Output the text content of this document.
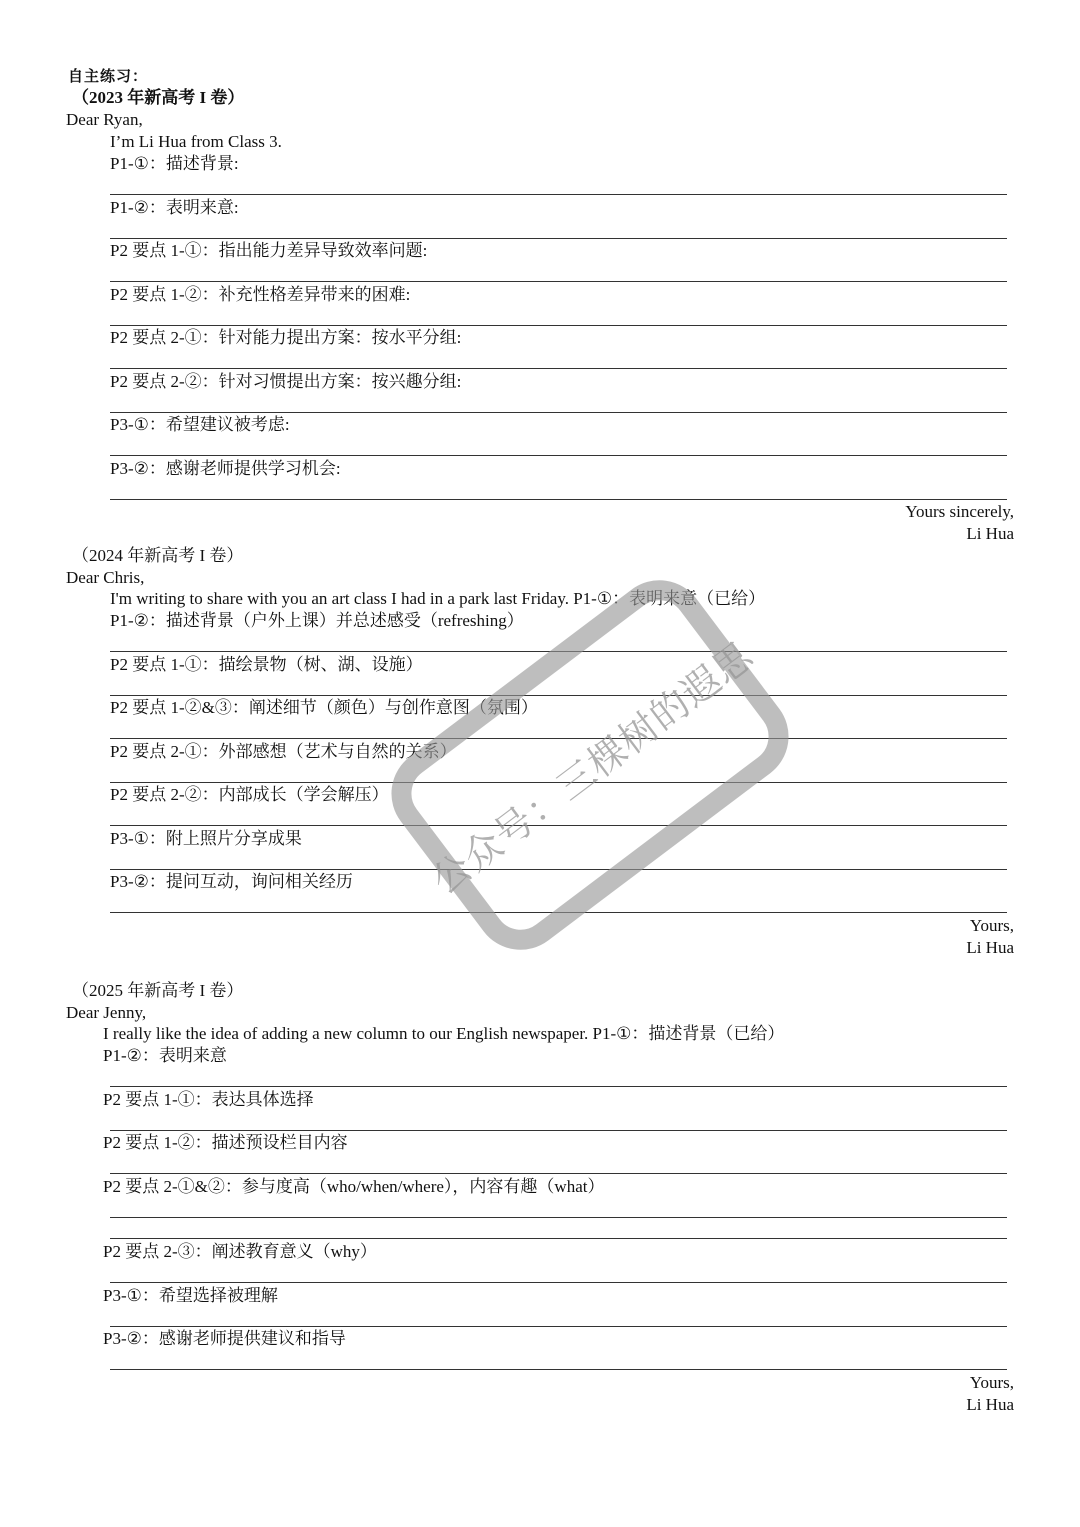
自主练习：
（2023 年新高考 I 卷）
Dear Ryan,
I’m Li Hua from Class 3.
P1-①：描述背景:
P1-②：表明来意:
P2 要点 1-①：指出能力差异导致效率问题:
P2 要点 1-②：补充性格差异带来的困难:
P2 要点 2-①：针对能力提出方案：按水平分组:
P2 要点 2-②：针对习惯提出方案：按兴趣分组:
P3-①：希望建议被考虑:
P3-②：感谢老师提供学习机会:
Yours sincerely,
Li Hua
（2024 年新高考 I 卷）
Dear Chris,
I'm writing to share with you an art class I had in a park last Friday. P1-①：表明来意（已给）
P1-②：描述背景（户外上课）并总述感受（refreshing）
P2 要点 1-①：描绘景物（树、湖、设施）
P2 要点 1-②&③：阐述细节（颜色）与创作意图（氛围）
P2 要点 2-①：外部感想（艺术与自然的关系）
P2 要点 2-②：内部成长（学会解压）
P3-①：附上照片分享成果
P3-②：提问互动，询问相关经历
Yours,
Li Hua
（2025 年新高考 I 卷）
Dear Jenny,
I really like the idea of adding a new column to our English newspaper. P1-①：描述背景（已给）
P1-②：表明来意
P2 要点 1-①：表达具体选择
P2 要点 1-②：描述预设栏目内容
P2 要点 2-①&②：参与度高（who/when/where），内容有趣（what）
P2 要点 2-③：阐述教育意义（why）
P3-①：希望选择被理解
P3-②：感谢老师提供建议和指导
Yours,
Li Hua
公众号：三棵树的遐思
